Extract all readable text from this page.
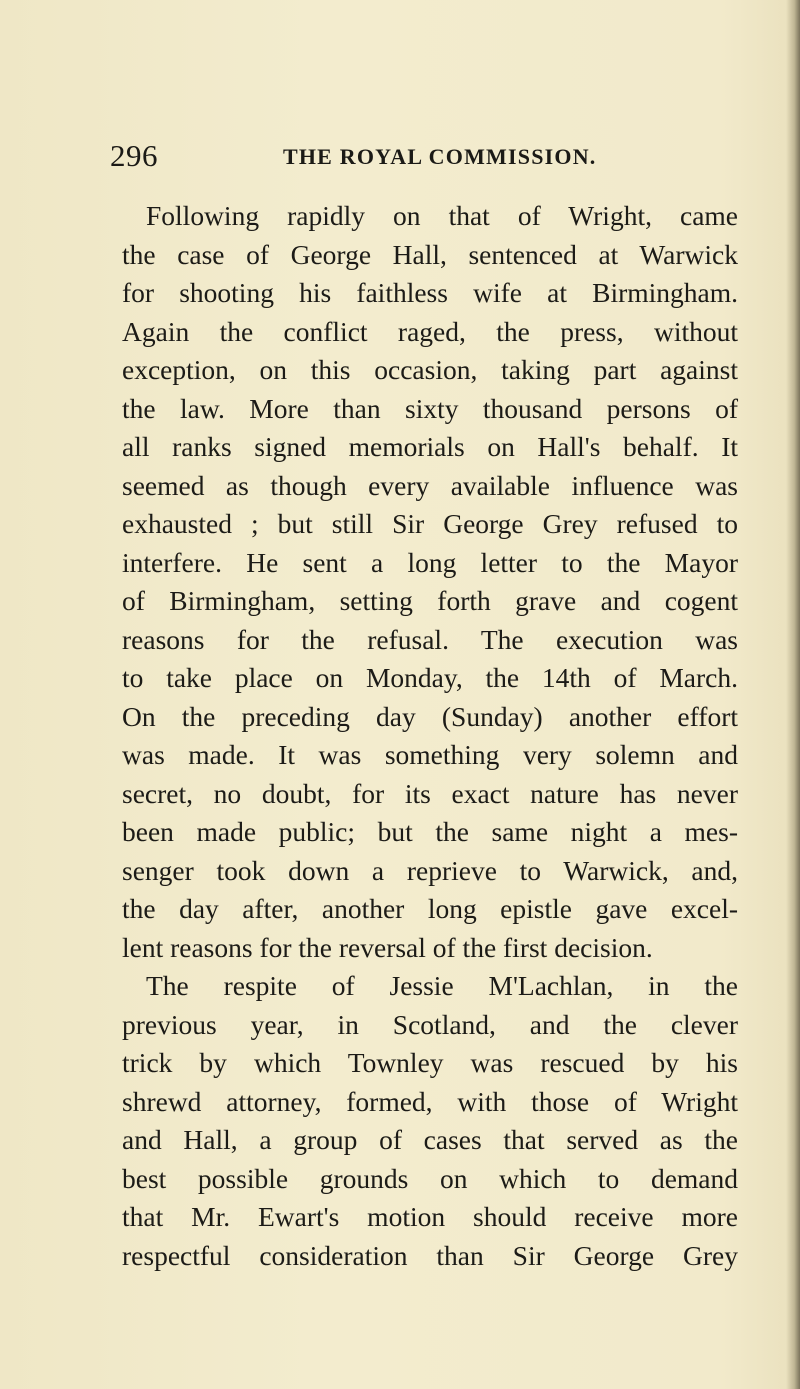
296	THE ROYAL COMMISSION.
Following rapidly on that of Wright, came
the case of George Hall, sentenced at Warwick
for shooting his faithless wife at Birmingham.
Again the conflict raged, the press, without
exception, on this occasion, taking part against
the law. More than sixty thousand persons of
all ranks signed memorials on Hall's behalf. It
seemed as though every available influence was
exhausted ; but still Sir George Grey refused to
interfere. He sent a long letter to the Mayor
of Birmingham, setting forth grave and cogent
reasons for the refusal. The execution was
to take place on Monday, the 14th of March.
On the preceding day (Sunday) another effort
was made. It was something very solemn and
secret, no doubt, for its exact nature has never
been made public; but the same night a mes-
senger took down a reprieve to Warwick, and,
the day after, another long epistle gave excel-
lent reasons for the reversal of the first decision.
The respite of Jessie M'Lachlan, in the
previous year, in Scotland, and the clever
trick by which Townley was rescued by his
shrewd attorney, formed, with those of Wright
and Hall, a group of cases that served as the
best possible grounds on which to demand
that Mr. Ewart's motion should receive more
respectful consideration than Sir George Grey
